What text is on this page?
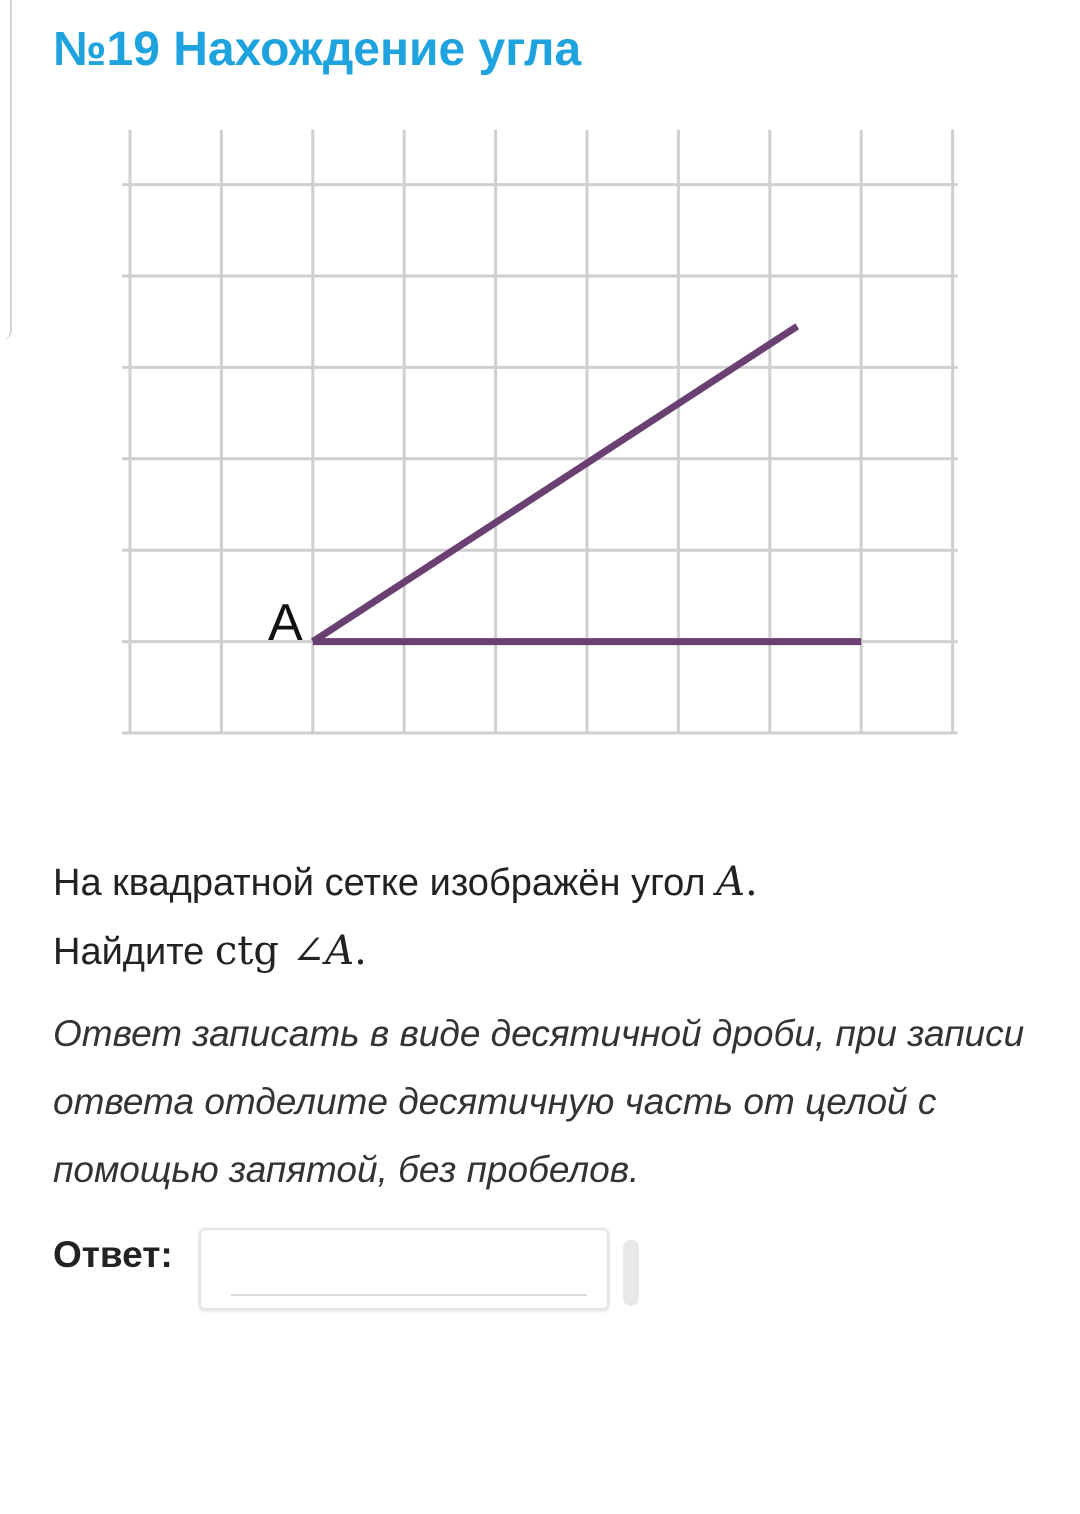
№19 Нахождение угла
A
На квадратной сетке изображён угол A.
Найдите ctg ∠A.
Ответ записать в виде десятичной дроби, при записи ответа отделите десятичную часть от целой с помощью запятой, без пробелов.
Ответ:
